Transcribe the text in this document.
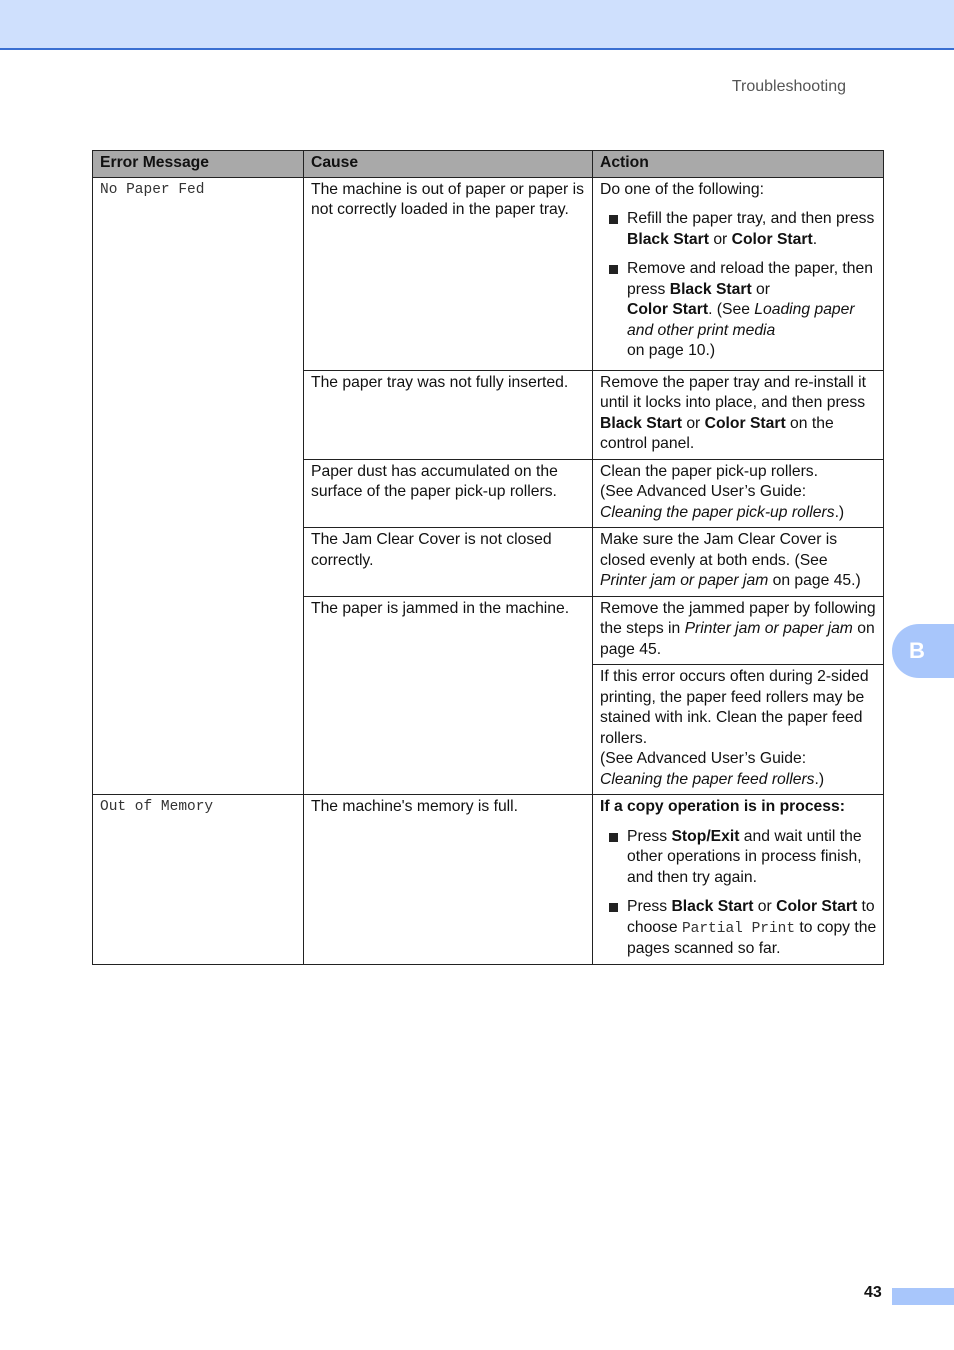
Troubleshooting
Error Message	Cause	Action
No Paper Fed	The machine is out of paper or paper is not correctly loaded in the paper tray.	Do one of the following:
Refill the paper tray, and then press Black Start or Color Start.
Remove and reload the paper, then press Black Start or
Color Start. (See Loading paper and other print media
on page 10.)

	The paper tray was not fully inserted.	Remove the paper tray and re-install it until it locks into place, and then press Black Start or Color Start on the control panel.
	Paper dust has accumulated on the surface of the paper pick-up rollers.	Clean the paper pick-up rollers.
(See Advanced User’s Guide:
Cleaning the paper pick-up rollers.)

	The Jam Clear Cover is not closed correctly.	Make sure the Jam Clear Cover is closed evenly at both ends. (See Printer jam or paper jam on page 45.)
	The paper is jammed in the machine.	Remove the jammed paper by following the steps in Printer jam or paper jam on page 45.

		If this error occurs often during 2-sided printing, the paper feed rollers may be stained with ink. Clean the paper feed rollers.
(See Advanced User’s Guide:
Cleaning the paper feed rollers.)

Out of Memory	The machine's memory is full.	If a copy operation is in process:
Press Stop/Exit and wait until the other operations in process finish, and then try again.
Press Black Start or Color Start to choose Partial Print to copy the pages scanned so far.
B
43
